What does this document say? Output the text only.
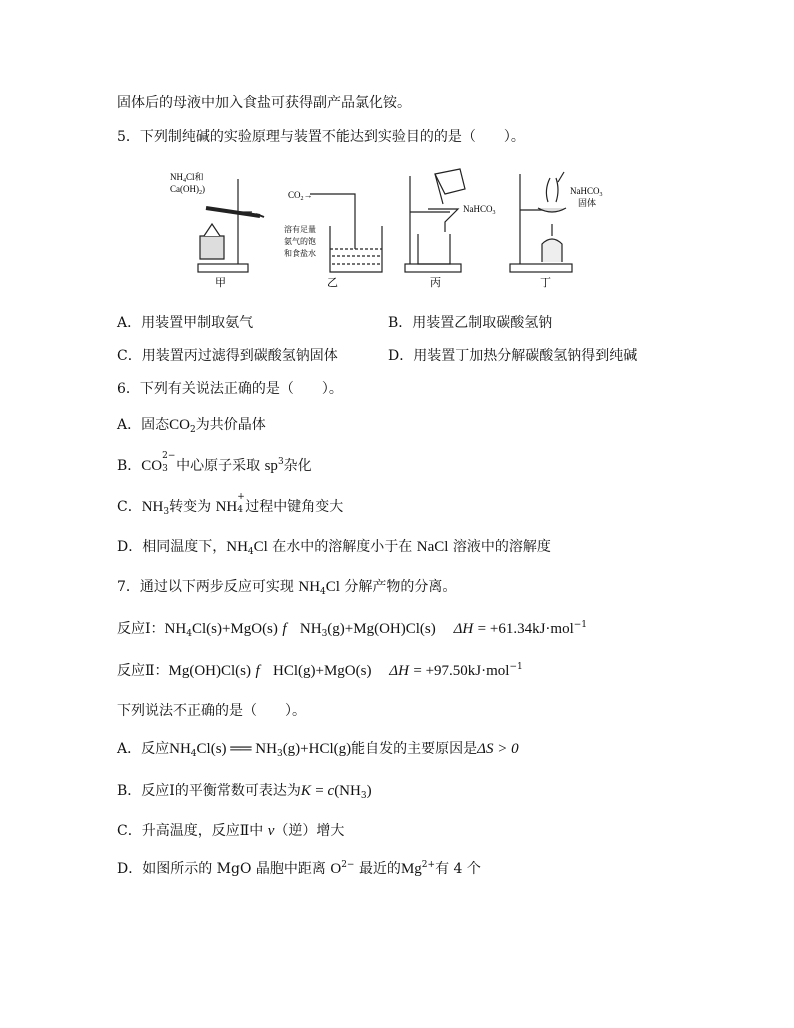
固体后的母液中加入食盐可获得副产品氯化铵。
5．下列制纯碱的实验原理与装置不能达到实验目的的是（　　）。
$NH_4Cl$和
$Ca(OH)_2$)
甲
$CO_2\to$
溶有足量
氨气的饱
和食盐水
乙
NaHCO$_3$
丙
NaHCO$_3$
固体
丁
A．用装置甲制取氨气	B．用装置乙制取碳酸氢钠
C．用装置丙过滤得到碳酸氢钠固体	D．用装置丁加热分解碳酸氢钠得到纯碱
6．下列有关说法正确的是（　　）。
A．固态$CO_2$为共价晶体
B．CO
2−
3 中心原子采取 $sp^3$杂化
C．$NH_3$转变为 NH
+
4 过程中键角变大
D．相同温度下，$NH_4Cl$ 在水中的溶解度小于在 NaCl 溶液中的溶解度
7．通过以下两步反应可实现 $NH_4Cl$ 分解产物的分离。
反应Ⅰ：$NH_4Cl(s)+MgO(s)$ f $NH_3(g)+Mg(OH)Cl(s) \Delta H = +61.34kJ\cdot mol^{-1}$
反应Ⅱ：Mg(OH)Cl(s) f HCl(g)+MgO(s) ΔH = +97.50kJ·mol$^{-1}$
下列说法不正确的是（　　）。
A．反应$NH_4Cl(s)$ ══ $NH_3(g)+HCl(g)$能自发的主要原因是ΔS > 0
B．反应Ⅰ的平衡常数可表达为$K = c(NH_3)$
C．升高温度，反应Ⅱ中 v（逆）增大
D．如图所示的 MgO 晶胞中距离 $O^{2-}$ 最近的$Mg^{2+}$有 4 个
